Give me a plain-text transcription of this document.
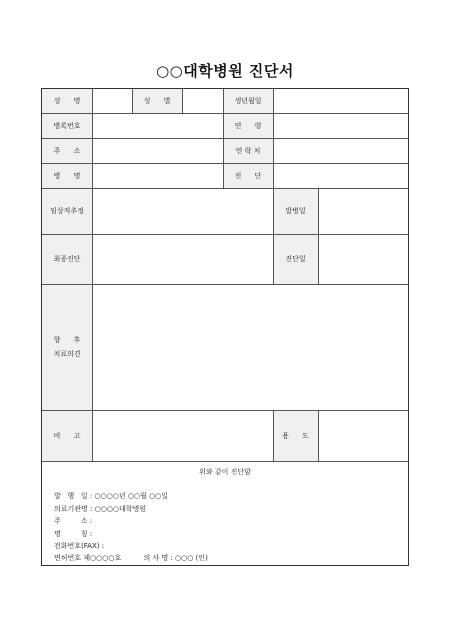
○○대학병원 진단서
성      명	성      별	생년월일
병록번호	연      령
주      소	연 락 처
병      명	진      단
임상적추정	발병일
최종진단	진단일
향      후
치료의견
비      고	용      도
위와 같이 진단함
발   행   일 : ○○○○년 ○○월 ○○일
의료기관명 : ○○○○대학병원
주         소 :
명         칭 :
전화번호(FAX) :
면허번호 제○○○○호          의 사 명 : ○○○ (인)
